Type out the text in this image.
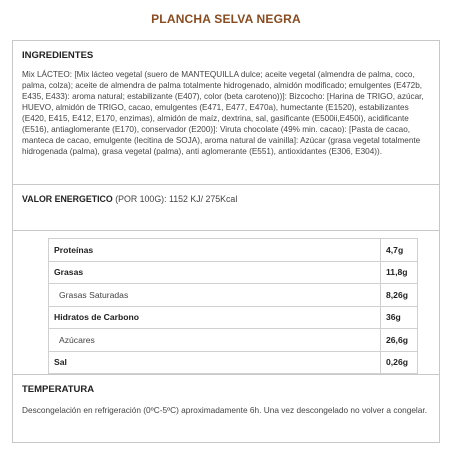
PLANCHA SELVA NEGRA
INGREDIENTES
Mix LÁCTEO: [Mix lácteo vegetal (suero de MANTEQUILLA dulce; aceite vegetal (almendra de palma, coco, palma, colza); aceite de almendra de palma totalmente hidrogenado, almidón modificado; emulgentes (E472b, E435, E433): aroma natural; estabilizante (E407), color (beta caroteno))]: Bizcocho: [Harina de TRIGO, azúcar, HUEVO, almidón de TRIGO, cacao, emulgentes (E471, E477, E470a), humectante (E1520), estabilizantes (E420, E415, E412, E170, enzimas), almidón de maíz, dextrina, sal, gasificante (E500ii,E450i), acidificante (E516), antiaglomerante (E170), conservador (E200)]: Viruta chocolate (49% min. cacao): [Pasta de cacao, manteca de cacao, emulgente (lecitina de SOJA), aroma natural de vainilla]: Azúcar (grasa vegetal totalmente hidrogenada (palma), grasa vegetal (palma), anti aglomerante (E551), antioxidantes (E306, E304)).
VALOR ENERGETICO (POR 100G): 1152 KJ/ 275Kcal
Proteínas	4,7g
Grasas	11,8g
Grasas Saturadas	8,26g
Hidratos de Carbono	36g
Azúcares	26,6g
Sal	0,26g
TEMPERATURA
Descongelación en refrigeración (0ºC-5ºC) aproximadamente 6h. Una vez descongelado no volver a congelar.
